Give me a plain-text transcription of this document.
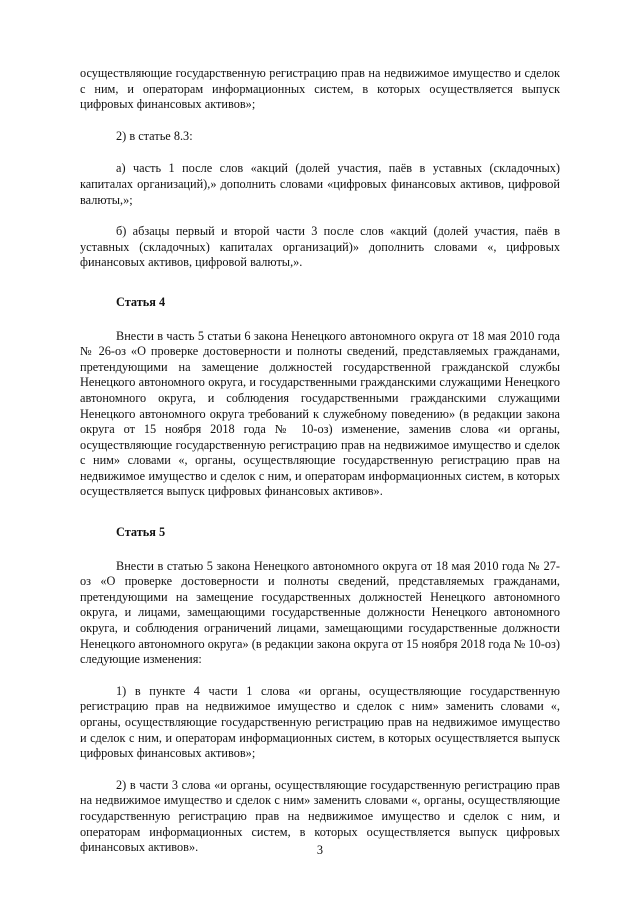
осуществляющие государственную регистрацию прав на недвижимое имущество и сделок с ним, и операторам информационных систем, в которых осуществляется выпуск цифровых финансовых активов»;

2) в статье 8.3:

а) часть 1 после слов «акций (долей участия, паёв в уставных (складочных) капиталах организаций),» дополнить словами «цифровых финансовых активов, цифровой валюты,»;

б) абзацы первый и второй части 3 после слов «акций (долей участия, паёв в уставных (складочных) капиталах организаций)» дополнить словами «, цифровых финансовых активов, цифровой валюты,».

Статья 4

Внести в часть 5 статьи 6 закона Ненецкого автономного округа от 18 мая 2010 года № 26-оз «О проверке достоверности и полноты сведений, представляемых гражданами, претендующими на замещение должностей государственной гражданской службы Ненецкого автономного округа, и государственными гражданскими служащими Ненецкого автономного округа, и соблюдения государственными гражданскими служащими Ненецкого автономного округа требований к служебному поведению» (в редакции закона округа от 15 ноября 2018 года № 10-оз) изменение, заменив слова «и органы, осуществляющие государственную регистрацию прав на недвижимое имущество и сделок с ним» словами «, органы, осуществляющие государственную регистрацию прав на недвижимое имущество и сделок с ним, и операторам информационных систем, в которых осуществляется выпуск цифровых финансовых активов».

Статья 5

Внести в статью 5 закона Ненецкого автономного округа от 18 мая 2010 года № 27-оз «О проверке достоверности и полноты сведений, представляемых гражданами, претендующими на замещение государственных должностей Ненецкого автономного округа, и лицами, замещающими государственные должности Ненецкого автономного округа, и соблюдения ограничений лицами, замещающими государственные должности Ненецкого автономного округа» (в редакции закона округа от 15 ноября 2018 года № 10-оз) следующие изменения:

1) в пункте 4 части 1 слова «и органы, осуществляющие государственную регистрацию прав на недвижимое имущество и сделок с ним» заменить словами «, органы, осуществляющие государственную регистрацию прав на недвижимое имущество и сделок с ним, и операторам информационных систем, в которых осуществляется выпуск цифровых финансовых активов»;

2) в части 3 слова «и органы, осуществляющие государственную регистрацию прав на недвижимое имущество и сделок с ним» заменить словами «, органы, осуществляющие государственную регистрацию прав на недвижимое имущество и сделок с ним, и операторам информационных систем, в которых осуществляется выпуск цифровых финансовых активов».	3
